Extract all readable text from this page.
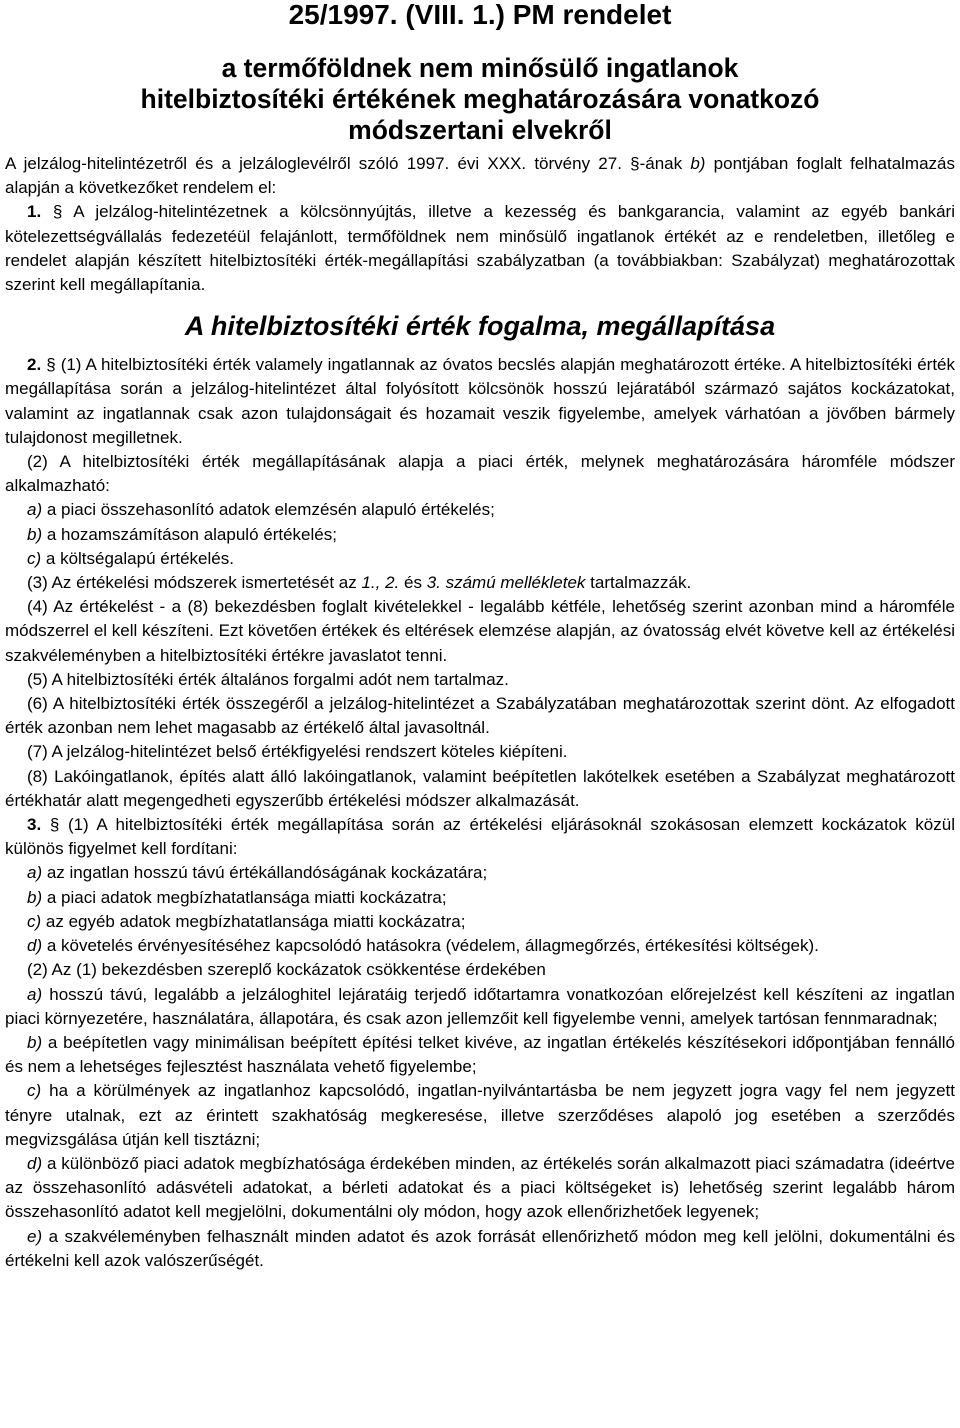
25/1997. (VIII. 1.) PM rendelet
a termőföldnek nem minősülő ingatlanok
hitelbiztosítéki értékének meghatározására vonatkozó
módszertani elvekről

A jelzálog-hitelintézetről és a jelzáloglevélről szóló 1997. évi XXX. törvény 27. §-ának b) pontjában foglalt felhatalmazás alapján a következőket rendelem el:

1. § A jelzálog-hitelintézetnek a kölcsönnyújtás, illetve a kezesség és bankgarancia, valamint az egyéb bankári kötelezettségvállalás fedezetéül felajánlott, termőföldnek nem minősülő ingatlanok értékét az e rendeletben, illetőleg e rendelet alapján készített hitelbiztosítéki érték-megállapítási szabályzatban (a továbbiakban: Szabályzat) meghatározottak szerint kell megállapítania.

A hitelbiztosítéki érték fogalma, megállapítása

2. § (1) A hitelbiztosítéki érték valamely ingatlannak az óvatos becslés alapján meghatározott értéke. A hitelbiztosítéki érték megállapítása során a jelzálog-hitelintézet által folyósított kölcsönök hosszú lejáratából származó sajátos kockázatokat, valamint az ingatlannak csak azon tulajdonságait és hozamait veszik figyelembe, amelyek várhatóan a jövőben bármely tulajdonost megilletnek.

(2) A hitelbiztosítéki érték megállapításának alapja a piaci érték, melynek meghatározására háromféle módszer alkalmazható:

a) a piaci összehasonlító adatok elemzésén alapuló értékelés;

b) a hozamszámításon alapuló értékelés;

c) a költségalapú értékelés.

(3) Az értékelési módszerek ismertetését az 1., 2. és 3. számú mellékletek tartalmazzák.

(4) Az értékelést - a (8) bekezdésben foglalt kivételekkel - legalább kétféle, lehetőség szerint azonban mind a háromféle módszerrel el kell készíteni. Ezt követően értékek és eltérések elemzése alapján, az óvatosság elvét követve kell az értékelési szakvéleményben a hitelbiztosítéki értékre javaslatot tenni.

(5) A hitelbiztosítéki érték általános forgalmi adót nem tartalmaz.

(6) A hitelbiztosítéki érték összegéről a jelzálog-hitelintézet a Szabályzatában meghatározottak szerint dönt. Az elfogadott érték azonban nem lehet magasabb az értékelő által javasoltnál.

(7) A jelzálog-hitelintézet belső értékfigyelési rendszert köteles kiépíteni.

(8) Lakóingatlanok, építés alatt álló lakóingatlanok, valamint beépítetlen lakótelkek esetében a Szabályzat meghatározott értékhatár alatt megengedheti egyszerűbb értékelési módszer alkalmazását.

3. § (1) A hitelbiztosítéki érték megállapítása során az értékelési eljárásoknál szokásosan elemzett kockázatok közül különös figyelmet kell fordítani:

a) az ingatlan hosszú távú értékállandóságának kockázatára;

b) a piaci adatok megbízhatatlansága miatti kockázatra;

c) az egyéb adatok megbízhatatlansága miatti kockázatra;

d) a követelés érvényesítéséhez kapcsolódó hatásokra (védelem, állagmegőrzés, értékesítési költségek).

(2) Az (1) bekezdésben szereplő kockázatok csökkentése érdekében

a) hosszú távú, legalább a jelzáloghitel lejáratáig terjedő időtartamra vonatkozóan előrejelzést kell készíteni az ingatlan piaci környezetére, használatára, állapotára, és csak azon jellemzőit kell figyelembe venni, amelyek tartósan fennmaradnak;

b) a beépítetlen vagy minimálisan beépített építési telket kivéve, az ingatlan értékelés készítésekori időpontjában fennálló és nem a lehetséges fejlesztést használata vehető figyelembe;

c) ha a körülmények az ingatlanhoz kapcsolódó, ingatlan-nyilvántartásba be nem jegyzett jogra vagy fel nem jegyzett tényre utalnak, ezt az érintett szakhatóság megkeresése, illetve szerződéses alapoló jog esetében a szerződés megvizsgálása útján kell tisztázni;

d) a különböző piaci adatok megbízhatósága érdekében minden, az értékelés során alkalmazott piaci számadatra (ideértve az összehasonlító adásvételi adatokat, a bérleti adatokat és a piaci költségeket is) lehetőség szerint legalább három összehasonlító adatot kell megjelölni, dokumentálni oly módon, hogy azok ellenőrizhetőek legyenek;

e) a szakvéleményben felhasznált minden adatot és azok forrását ellenőrizhető módon meg kell jelölni, dokumentálni és értékelni kell azok valószerűségét.
